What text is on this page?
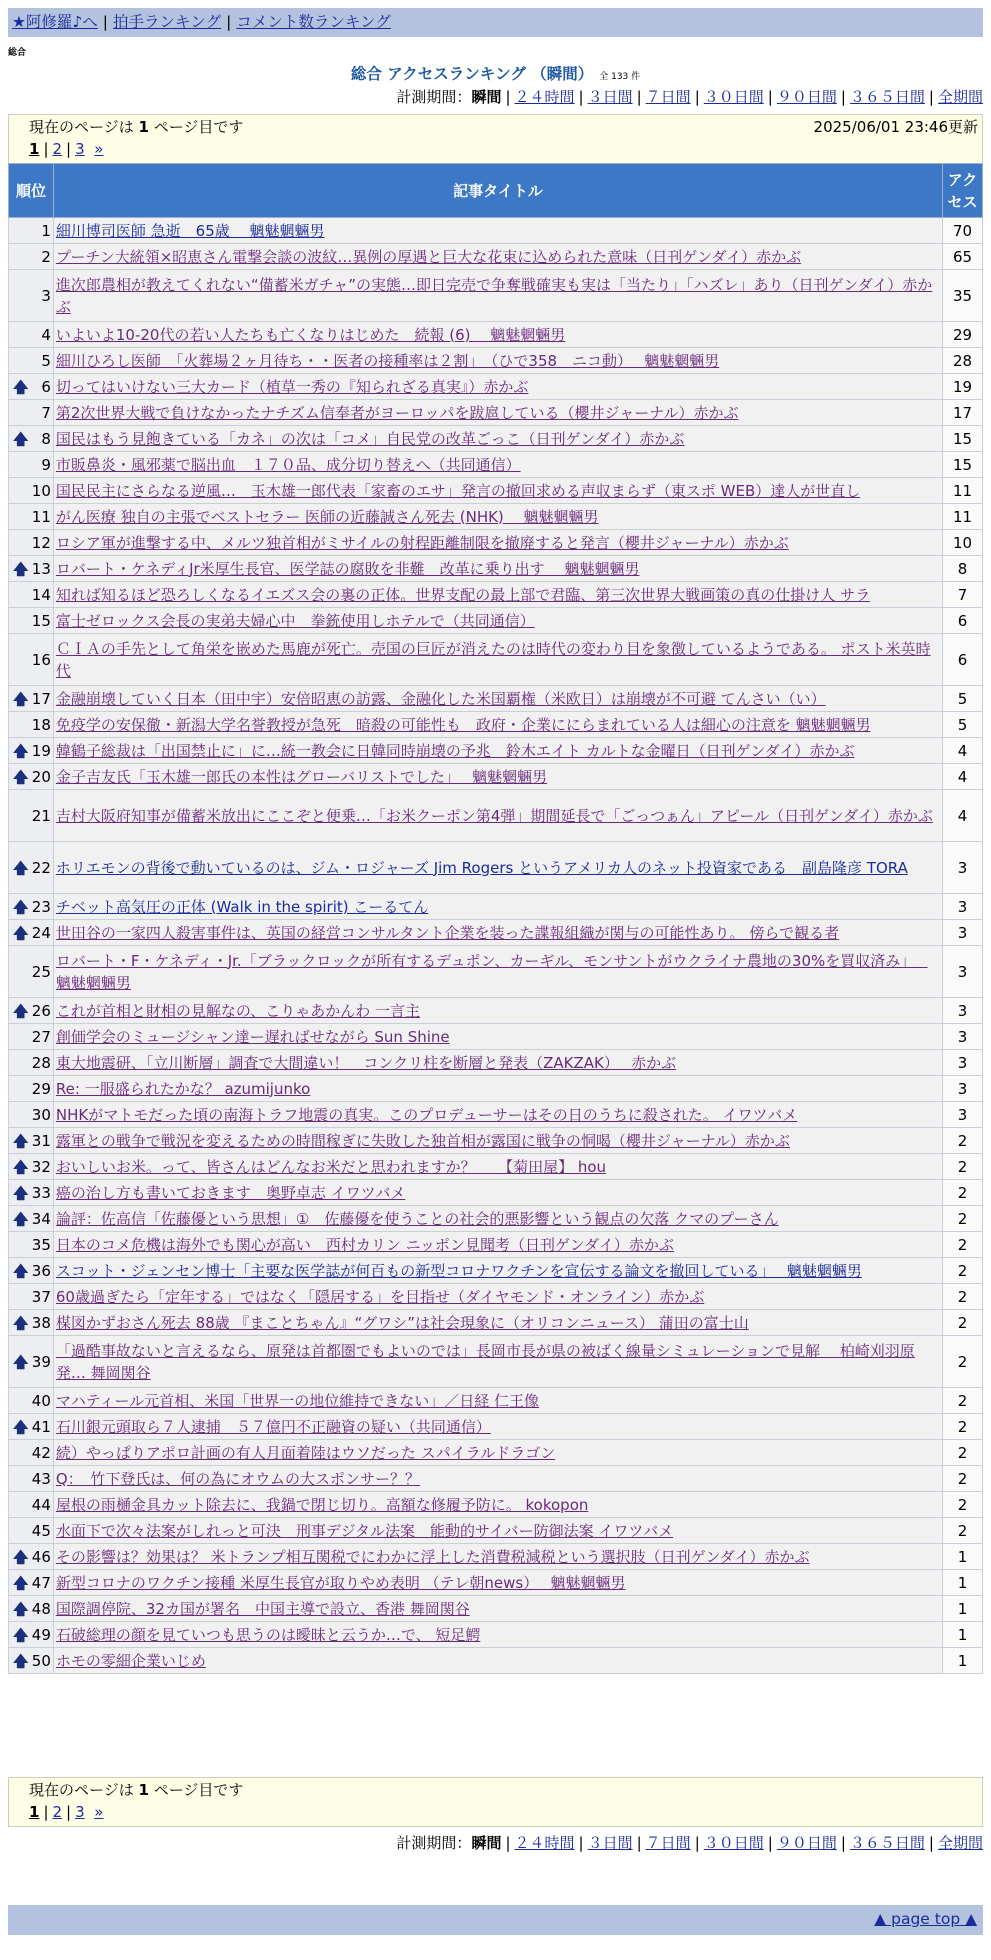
★阿修羅♪へ | 拍手ランキング | コメント数ランキング
総合
総合 アクセスランキング （瞬間） 全 133 件
計測期間：瞬間 | ２４時間 | ３日間 | ７日間 | ３０日間 | ９０日間 | ３６５日間 | 全期間
現在のページは 1 ページ目です	2025/06/01 23:46更新
1 | 2 | 3 »
順位	記事タイトル	アクセス
1	細川博司医師 急逝　65歳　 魑魅魍魎男	70
2	プーチン大統領×昭恵さん電撃会談の波紋…異例の厚遇と巨大な花束に込められた意味（日刊ゲンダイ）赤かぶ	65
3	進次郎農相が教えてくれない“備蓄米ガチャ”の実態…即日完売で争奪戦確実も実は「当たり」「ハズレ」あり（日刊ゲンダイ）赤かぶ	35
4	いよいよ10-20代の若い人たちも亡くなりはじめた　続報 (6)　 魑魅魍魎男	29
5	細川ひろし医師　「火葬場２ヶ月待ち・・医者の接種率は２割」　（ひで358　ニコ動）　 魑魅魍魎男	28

🡅 6	切ってはいけない三大カード（植草一秀の『知られざる真実』）赤かぶ	19
7	第2次世界大戦で負けなかったナチズム信奉者がヨーロッパを跋扈している（櫻井ジャーナル）赤かぶ	17

🡅 8	国民はもう見飽きている「カネ」の次は「コメ」自民党の改革ごっこ（日刊ゲンダイ）赤かぶ	15
9	市販鼻炎・風邪薬で脳出血　１７０品、成分切り替えへ（共同通信）	15
10	国民民主にさらなる逆風…　玉木雄一郎代表「家畜のエサ」発言の撤回求める声収まらず（東スポ WEB）達人が世直し	11
11	がん医療 独自の主張でベストセラー 医師の近藤誠さん死去 (NHK)　 魑魅魍魎男	11
12	ロシア軍が進撃する中、メルツ独首相がミサイルの射程距離制限を撤廃すると発言（櫻井ジャーナル）赤かぶ	10

🡅 13	ロバート・ケネディJr米厚生長官、医学誌の腐敗を非難　改革に乗り出す　 魑魅魍魎男	8
14	知れば知るほど恐ろしくなるイエズス会の裏の正体。世界支配の最上部で君臨、第三次世界大戦画策の真の仕掛け人 サラ	7
15	富士ゼロックス会長の実弟夫婦心中　拳銃使用しホテルで（共同通信）	6
16	ＣＩＡの手先として角栄を嵌めた馬鹿が死亡。売国の巨匠が消えたのは時代の変わり目を象徴しているようである。 ポスト米英時代	6

🡅 17	金融崩壊していく日本（田中宇）安倍昭恵の訪露、金融化した米国覇権（米欧日）は崩壊が不可避 てんさい（い）	5
18	免疫学の安保徹・新潟大学名誉教授が急死　暗殺の可能性も　政府・企業ににらまれている人は細心の注意を 魑魅魍魎男	5

🡅 19	韓鶴子総裁は「出国禁止に」に…統一教会に日韓同時崩壊の予兆　鈴木エイト カルトな金曜日（日刊ゲンダイ）赤かぶ	4

🡅 20	金子吉友氏「玉木雄一郎氏の本性はグローバリストでした」　 魑魅魍魎男	4
21	吉村大阪府知事が備蓄米放出にここぞと便乗…「お米クーポン第4弾」期間延長で「ごっつぁん」アピール（日刊ゲンダイ）赤かぶ	4

🡅 22	ホリエモンの背後で動いているのは、ジム・ロジャーズ Jim Rogers というアメリカ人のネット投資家である　副島隆彦 TORA	3

🡅 23	チベット高気圧の正体 (Walk in the spirit) こーるてん	3

🡅 24	世田谷の一家四人殺害事件は、英国の経営コンサルタント企業を装った諜報組織が関与の可能性あり。 傍らで観る者	3
25	ロバート・F・ケネディ・Jr.「ブラックロックが所有するデュポン、カーギル、モンサントがウクライナ農地の30%を買収済み」　 魑魅魍魎男	3

🡅 26	これが首相と財相の見解なの、こりゃあかんわ 一言主	3
27	創価学会のミュージシャン達ー遅ればせながら Sun Shine	3
28	東大地震研、「立川断層」調査で大間違い！　コンクリ柱を断層と発表（ZAKZAK）　 赤かぶ	3
29	Re: 一服盛られたかな？ azumijunko	3
30	NHKがマトモだった頃の南海トラフ地震の真実。このプロデューサーはその日のうちに殺された。 イワツバメ	3

🡅 31	露軍との戦争で戦況を変えるための時間稼ぎに失敗した独首相が露国に戦争の恫喝（櫻井ジャーナル）赤かぶ	2

🡅 32	おいしいお米。って、皆さんはどんなお米だと思われますか？　　【菊田屋】 hou	2

🡅 33	癌の治し方も書いておきます　奥野卓志 イワツバメ	2

🡅 34	論評：佐高信「佐藤優という思想」①　佐藤優を使うことの社会的悪影響という観点の欠落 クマのプーさん	2
35	日本のコメ危機は海外でも関心が高い　西村カリン ニッポン見聞考（日刊ゲンダイ）赤かぶ	2

🡅 36	スコット・ジェンセン博士「主要な医学誌が何百もの新型コロナワクチンを宣伝する論文を撤回している」　 魑魅魍魎男	2
37	60歳過ぎたら「定年する」ではなく「隠居する」を目指せ（ダイヤモンド・オンライン）赤かぶ	2

🡅 38	楳図かずおさん死去 88歳 『まことちゃん』“グワシ”は社会現象に（オリコンニュース） 蒲田の富士山	2

🡅 39	「過酷事故ないと言えるなら、原発は首都圏でもよいのでは」長岡市長が県の被ばく線量シミュレーションで見解　 柏崎刈羽原発… 舞岡関谷	2
40	マハティール元首相、米国「世界一の地位維持できない」／日経 仁王像	2

🡅 41	石川銀元頭取ら７人逮捕　５７億円不正融資の疑い（共同通信）	2
42	続）やっぱりアポロ計画の有人月面着陸はウソだった スパイラルドラゴン	2
43	Q：　竹下登氏は、何の為にオウムの大スポンサー？？	2
44	屋根の雨樋金具カット除去に、我鍋で閉じ切り。高額な修履予防に。 kokopon	2
45	水面下で次々法案がしれっと可決　刑事デジタル法案　能動的サイバー防御法案 イワツバメ	2

🡅 46	その影響は？効果は？ 米トランプ相互関税でにわかに浮上した消費税減税という選択肢（日刊ゲンダイ）赤かぶ	1

🡅 47	新型コロナのワクチン接種 米厚生長官が取りやめ表明 （テレ朝news）　 魑魅魍魎男	1

🡅 48	国際調停院、32カ国が署名　中国主導で設立、香港 舞岡関谷	1

🡅 49	石破総理の顔を見ていつも思うのは曖昧と云うか…で、 短足鰐	1

🡅 50	ホモの零細企業いじめ	1
現在のページは 1 ページ目です
1 | 2 | 3 »
計測期間：瞬間 | ２４時間 | ３日間 | ７日間 | ３０日間 | ９０日間 | ３６５日間 | 全期間
▲ page top ▲
